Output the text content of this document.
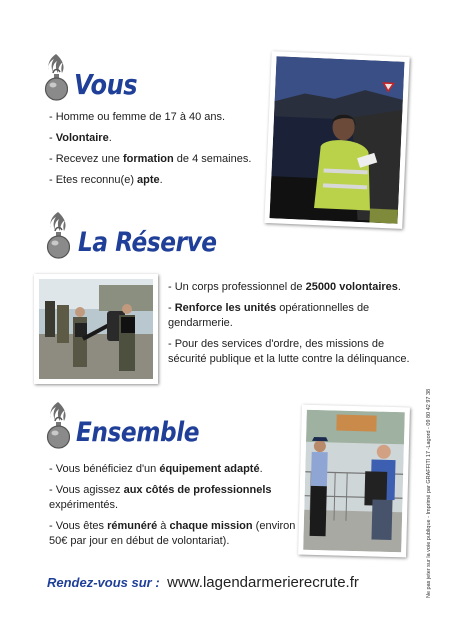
Vous
- Homme ou femme de 17 à 40 ans.
- Volontaire.
- Recevez une formation de 4 semaines.
- Etes reconnu(e) apte.
La Réserve
- Un corps professionnel de 25000 volontaires.
- Renforce les unités opérationnelles de gendarmerie.
- Pour des services d'ordre, des missions de sécurité publique et la lutte contre la délinquance.
Ensemble
- Vous bénéficiez d'un équipement adapté.
- Vous agissez aux côtés de professionnels expérimentés.
- Vous êtes rémunéré à chaque mission (environ 50€ par jour en début de volontariat).	Ne pas jeter sur la voie publique - Imprimé par GRAFFITI 17 -Lagord - 09 80 42 97 38
Rendez-vous sur : www.lagendarmerierecrute.fr
